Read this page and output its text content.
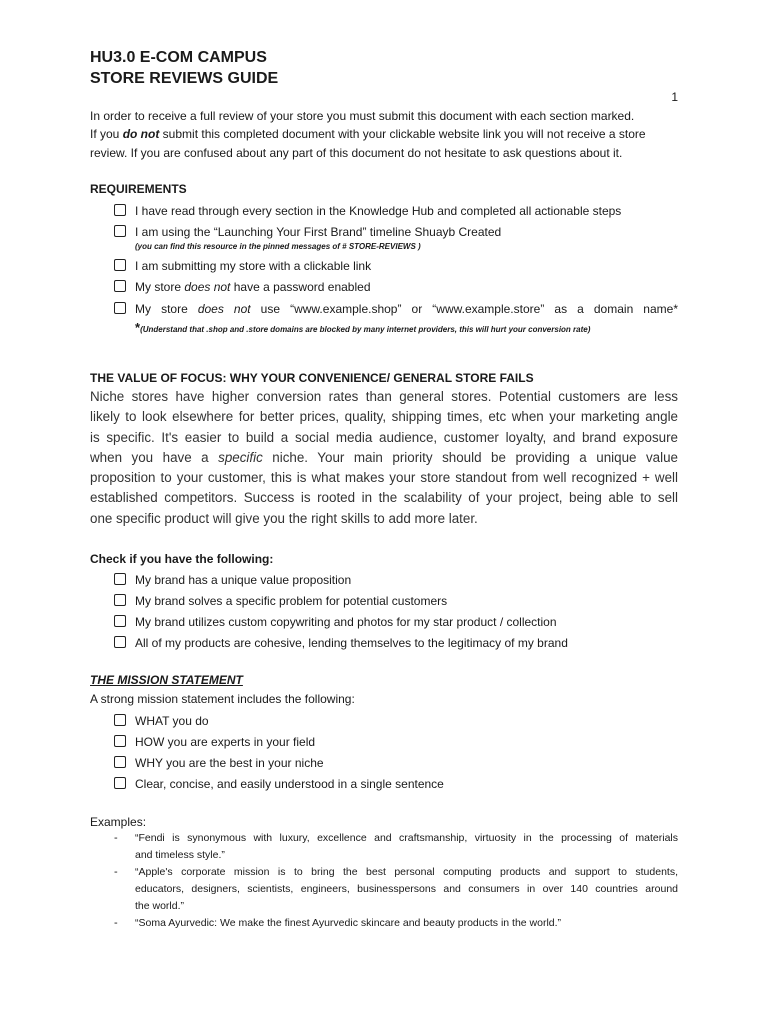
HU3.0 E-COM CAMPUS
STORE REVIEWS GUIDE
1
In order to receive a full review of your store you must submit this document with each section marked.
If you do not submit this completed document with your clickable website link you will not receive a store
review. If you are confused about any part of this document do not hesitate to ask questions about it.
REQUIREMENTS
I have read through every section in the Knowledge Hub and completed all actionable steps
I am using the “Launching Your First Brand” timeline Shuayb Created
(you can find this resource in the pinned messages of # STORE-REVIEWS )
I am submitting my store with a clickable link
My store does not have a password enabled
My store does not use “www.example.shop” or “www.example.store” as a domain name*
*(Understand that .shop and .store domains are blocked by many internet providers, this will hurt your conversion rate)
THE VALUE OF FOCUS: WHY YOUR CONVENIENCE/ GENERAL STORE FAILS
Niche stores have higher conversion rates than general stores. Potential customers are less
likely to look elsewhere for better prices, quality, shipping times, etc when your marketing angle
is specific. It's easier to build a social media audience, customer loyalty, and brand exposure
when you have a specific niche. Your main priority should be providing a unique value
proposition to your customer, this is what makes your store standout from well recognized + well
established competitors. Success is rooted in the scalability of your project, being able to sell
one specific product will give you the right skills to add more later.
Check if you have the following:
My brand has a unique value proposition
My brand solves a specific problem for potential customers
My brand utilizes custom copywriting and photos for my star product / collection
All of my products are cohesive, lending themselves to the legitimacy of my brand
THE MISSION STATEMENT
A strong mission statement includes the following:
WHAT you do
HOW you are experts in your field
WHY you are the best in your niche
Clear, concise, and easily understood in a single sentence
Examples:
- “Fendi is synonymous with luxury, excellence and craftsmanship, virtuosity in the processing of materials
and timeless style.”
- “Apple's corporate mission is to bring the best personal computing products and support to students,
educators, designers, scientists, engineers, businesspersons and consumers in over 140 countries around
the world.”
- “Soma Ayurvedic: We make the finest Ayurvedic skincare and beauty products in the world.”
